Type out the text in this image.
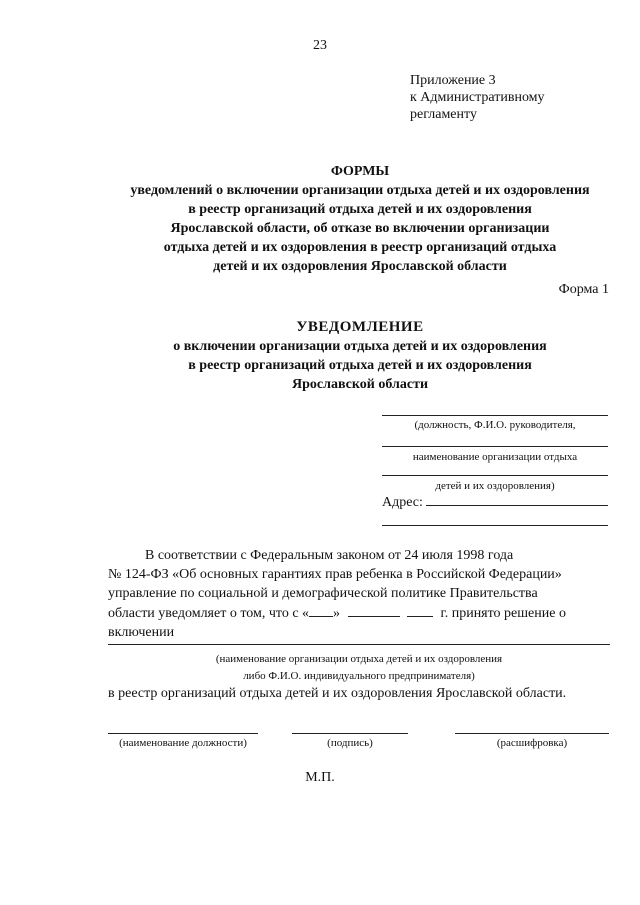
23
Приложение 3
к Административному
регламенту
ФОРМЫ
уведомлений о включении организации отдыха детей и их оздоровления
в реестр организаций отдыха детей и их оздоровления
Ярославской области, об отказе во включении организации
отдыха детей и их оздоровления в реестр организаций отдыха
детей и их оздоровления Ярославской области
Форма 1
УВЕДОМЛЕНИЕ
о включении организации отдыха детей и их оздоровления
в реестр организаций отдыха детей и их оздоровления
Ярославской области
(должность, Ф.И.О. руководителя,
наименование организации отдыха
детей и их оздоровления)
Адрес:
В соответствии с Федеральным законом от 24 июля 1998 года
№ 124-ФЗ «Об основных гарантиях прав ребенка в Российской Федерации»
управление по социальной и демографической политике Правительства
области уведомляет о том, что с « »	г. принято решение о
включении
(наименование организации отдыха детей и их оздоровления
либо Ф.И.О. индивидуального предпринимателя)
в реестр организаций отдыха детей и их оздоровления Ярославской области.
(наименование должности)	(подпись)	(расшифровка)
М.П.
